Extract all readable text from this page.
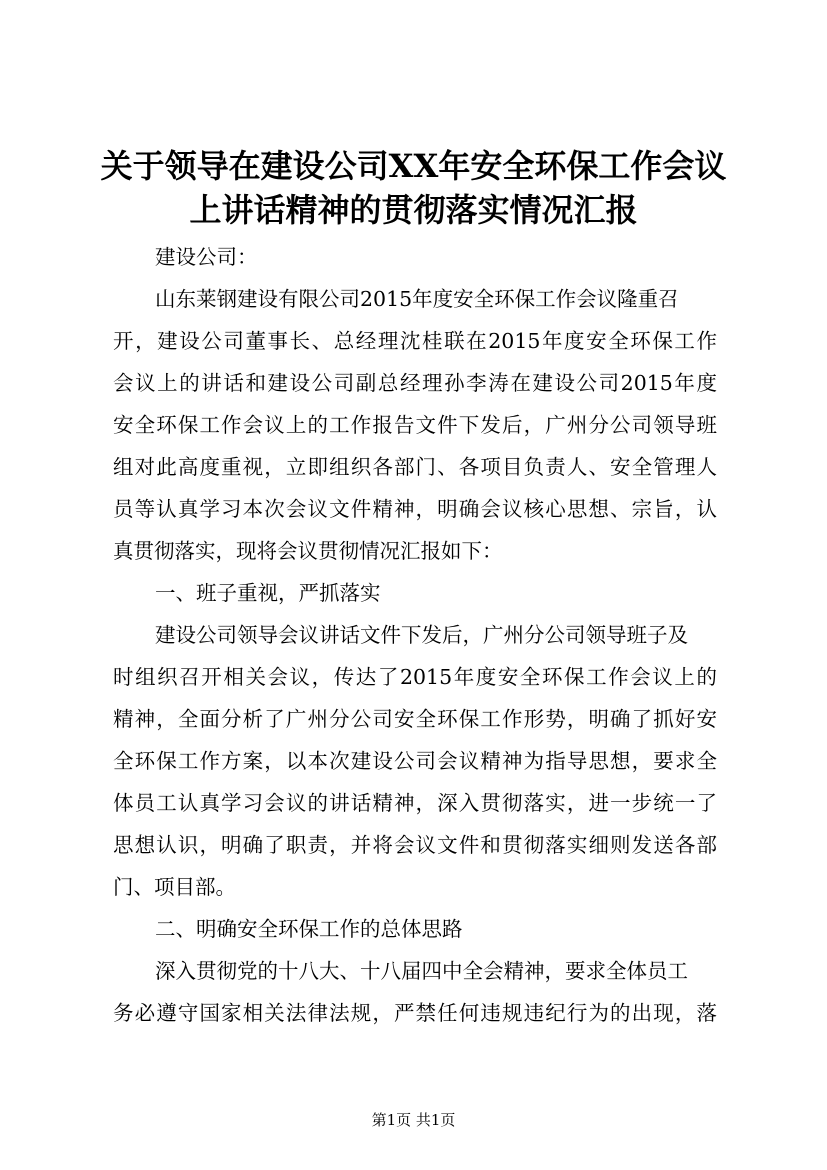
关于领导在建设公司XX年安全环保工作会议
上讲话精神的贯彻落实情况汇报
建设公司：
山东莱钢建设有限公司2015年度安全环保工作会议隆重召
开，建设公司董事长、总经理沈桂联在2015年度安全环保工作
会议上的讲话和建设公司副总经理孙李涛在建设公司2015年度
安全环保工作会议上的工作报告文件下发后，广州分公司领导班
组对此高度重视，立即组织各部门、各项目负责人、安全管理人
员等认真学习本次会议文件精神，明确会议核心思想、宗旨，认
真贯彻落实，现将会议贯彻情况汇报如下：
一、班子重视，严抓落实
建设公司领导会议讲话文件下发后，广州分公司领导班子及
时组织召开相关会议，传达了2015年度安全环保工作会议上的
精神，全面分析了广州分公司安全环保工作形势，明确了抓好安
全环保工作方案，以本次建设公司会议精神为指导思想，要求全
体员工认真学习会议的讲话精神，深入贯彻落实，进一步统一了
思想认识，明确了职责，并将会议文件和贯彻落实细则发送各部
门、项目部。
二、明确安全环保工作的总体思路
深入贯彻党的十八大、十八届四中全会精神，要求全体员工
务必遵守国家相关法律法规，严禁任何违规违纪行为的出现，落
第1页 共1页
